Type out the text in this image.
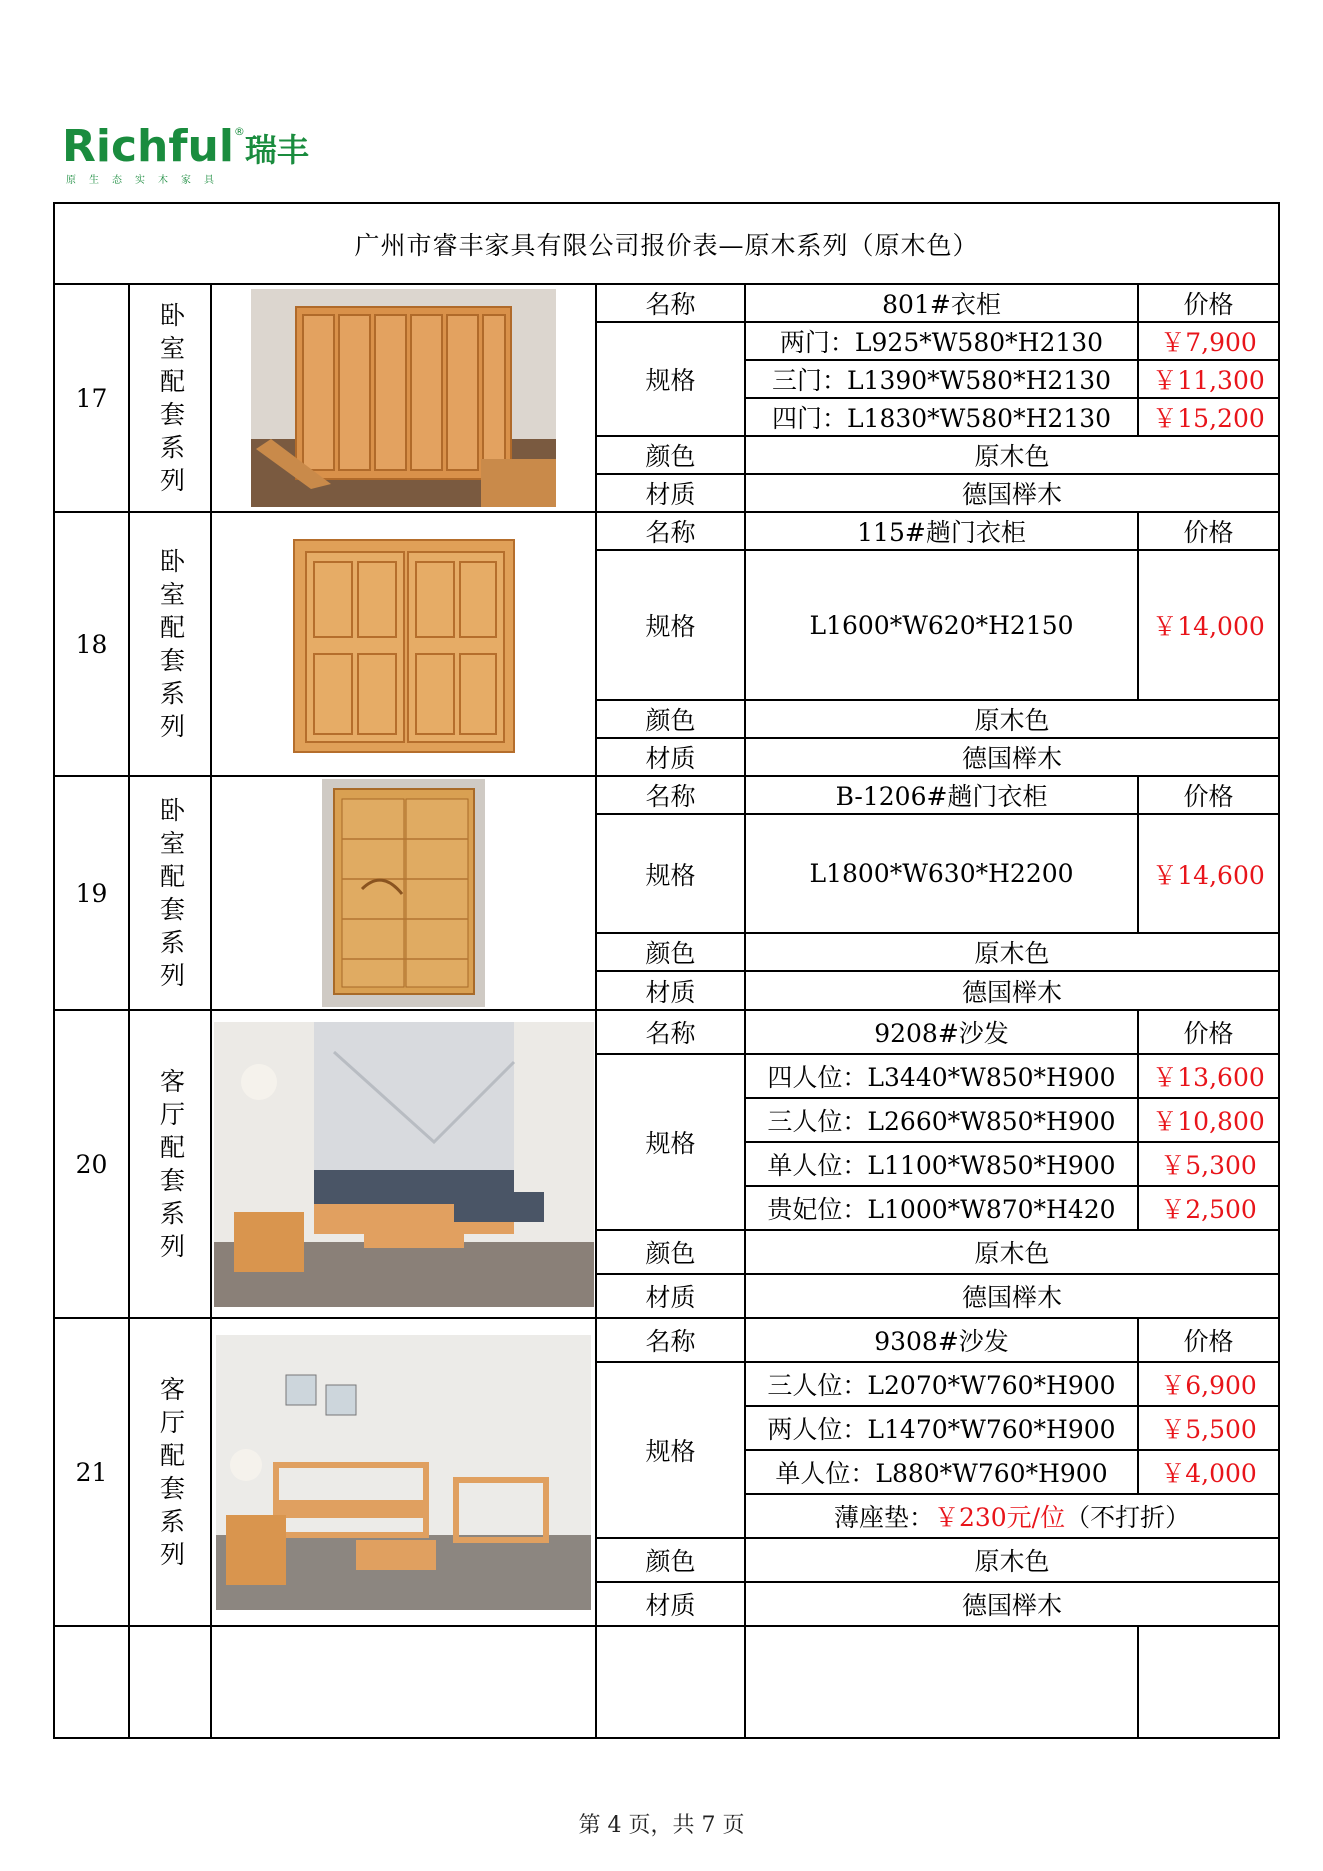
Richful®瑞丰
原生态实木家具
广州市睿丰家具有限公司报价表—原木系列（原木色）					
17	卧室配套系列		名称	801#衣柜	价格
			规格	两门：L925*W580*H2130	￥7,900
				三门：L1390*W580*H2130	￥11,300
				四门：L1830*W580*H2130	￥15,200
			颜色	原木色	
			材质	德国榉木	
18	卧室配套系列		名称	115#趟门衣柜	价格
			规格	L1600*W620*H2150	￥14,000
			颜色	原木色	
			材质	德国榉木	
19	卧室配套系列		名称	B-1206#趟门衣柜	价格
			规格	L1800*W630*H2200	￥14,600
			颜色	原木色	
			材质	德国榉木	
20	客厅配套系列		名称	9208#沙发	价格
			规格	四人位：L3440*W850*H900	￥13,600
				三人位：L2660*W850*H900	￥10,800
				单人位：L1100*W850*H900	￥5,300
				贵妃位：L1000*W870*H420	￥2,500
			颜色	原木色	
			材质	德国榉木	
21	客厅配套系列		名称	9308#沙发	价格
			规格	三人位：L2070*W760*H900	￥6,900
				两人位：L1470*W760*H900	￥5,500
				单人位：L880*W760*H900	￥4,000
				薄座垫：￥230元/位（不打折）	
			颜色	原木色	
			材质	德国榉木	

第 4 页，共 7 页
